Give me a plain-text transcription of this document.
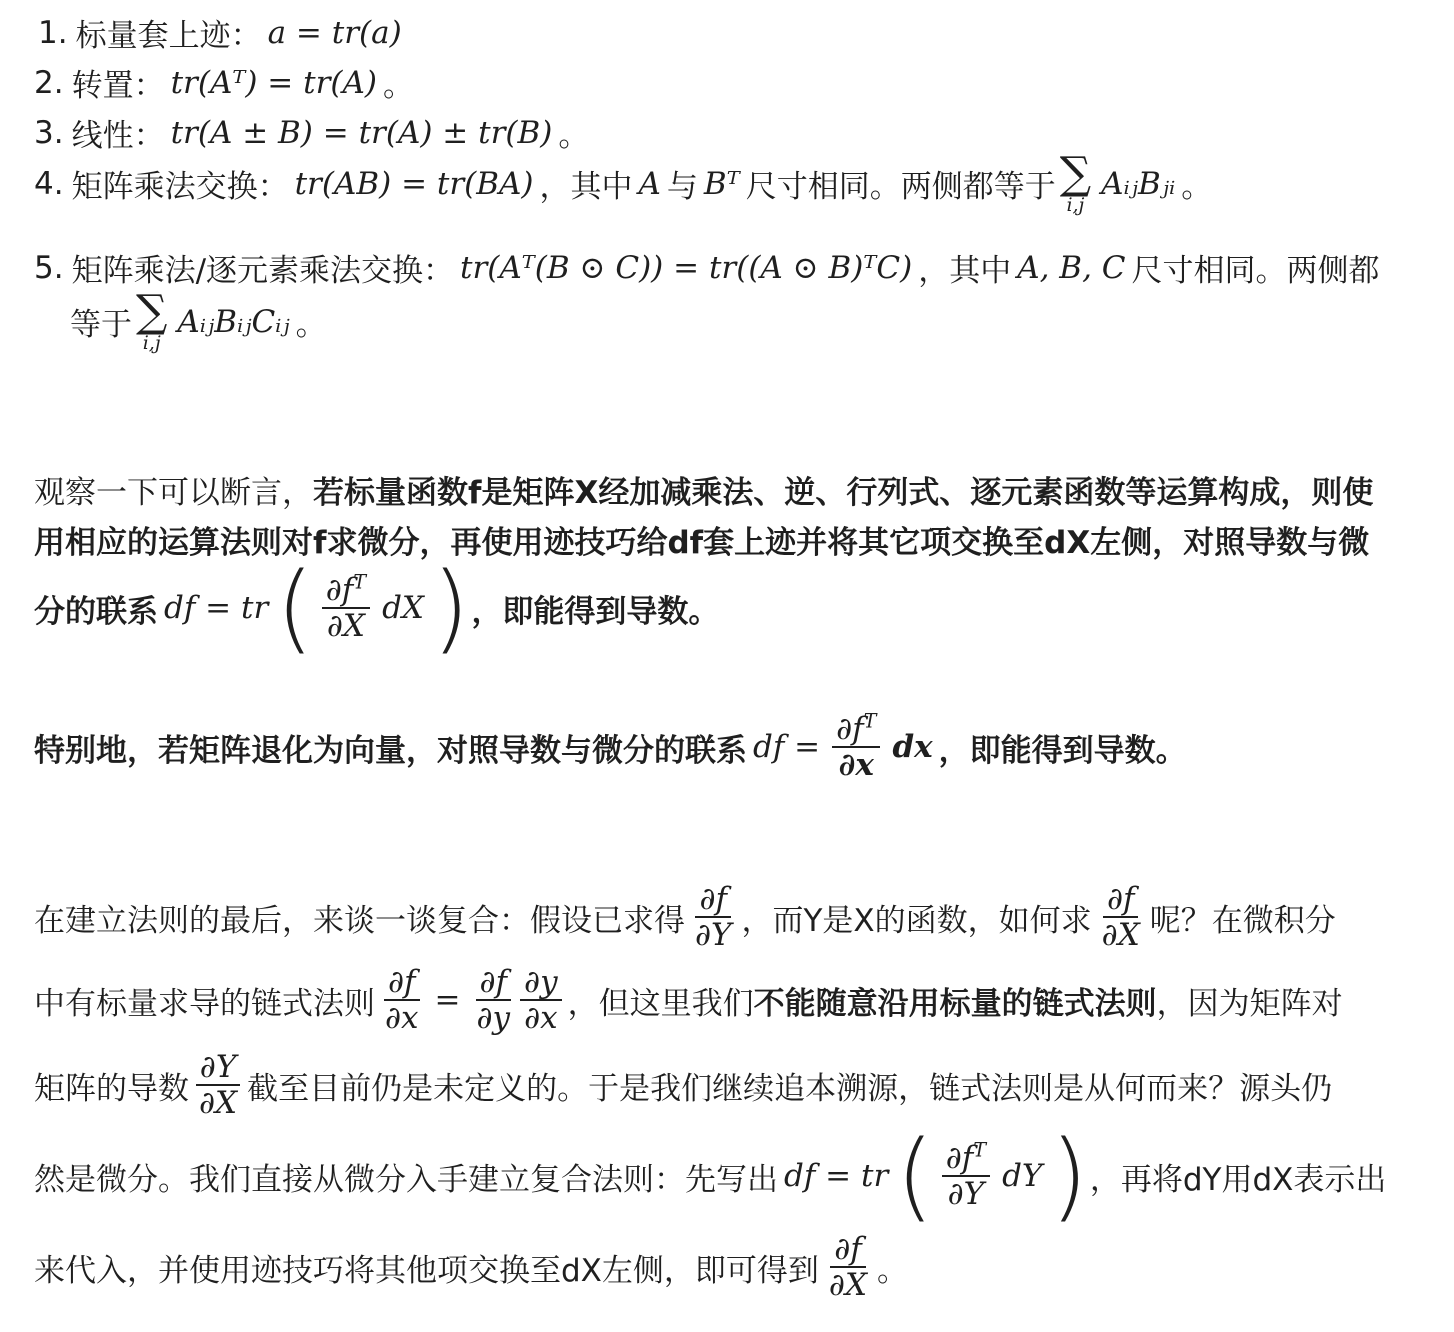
1. 标量套上迹： a = tr(a)
2. 转置： tr(Aᵀ) = tr(A) 。
3. 线性： tr(A ± B) = tr(A) ± tr(B) 。
4. 矩阵乘法交换： tr(AB) = tr(BA) ，其中 A 与 Bᵀ 尺寸相同。两侧都等于 ∑
i,j
AᵢⱼBⱼᵢ 。
5. 矩阵乘法/逐元素乘法交换： tr(Aᵀ(B ⊙ C)) = tr((A ⊙ B)ᵀC) ，其中 A, B, C 尺寸相同。两侧都
等于 ∑
i,j
AᵢⱼBᵢⱼCᵢⱼ 。
观察一下可以断言， 若标量函数f是矩阵X经加减乘法、逆、行列式、逐元素函数等运算构成，则使
用相应的运算法则对f求微分，再使用迹技巧给df套上迹并将其它项交换至dX左侧，对照导数与微
分的联系 df = tr ( $\frac{\partial f^T}{\partial X}$ dX ) ，即能得到导数。
特别地，若矩阵退化为向量，对照导数与微分的联系 df = $\frac{\partial f^T}{\partial x}$ dx ，即能得到导数。
在建立法则的最后，来谈一谈复合：假设已求得 $\frac{\partial f}{\partial Y}$ ，而Y是X的函数，如何求 $\frac{\partial f}{\partial X}$ 呢？在微积分
中有标量求导的链式法则 $\frac{\partial f}{\partial x} = \frac{\partial f}{\partial y} \frac{\partial y}{\partial x}$ ，但这里我们 不能随意沿用标量的链式法则 ，因为矩阵对
矩阵的导数 $\frac{\partial Y}{\partial X}$ 截至目前仍是未定义的。于是我们继续追本溯源，链式法则是从何而来？源头仍
然是微分。我们直接从微分入手建立复合法则：先写出 df = tr ( $\frac{\partial f^T}{\partial Y}$ dY ) ，再将dY用dX表示出
来代入，并使用迹技巧将其他项交换至dX左侧，即可得到 $\frac{\partial f}{\partial X}$ 。
